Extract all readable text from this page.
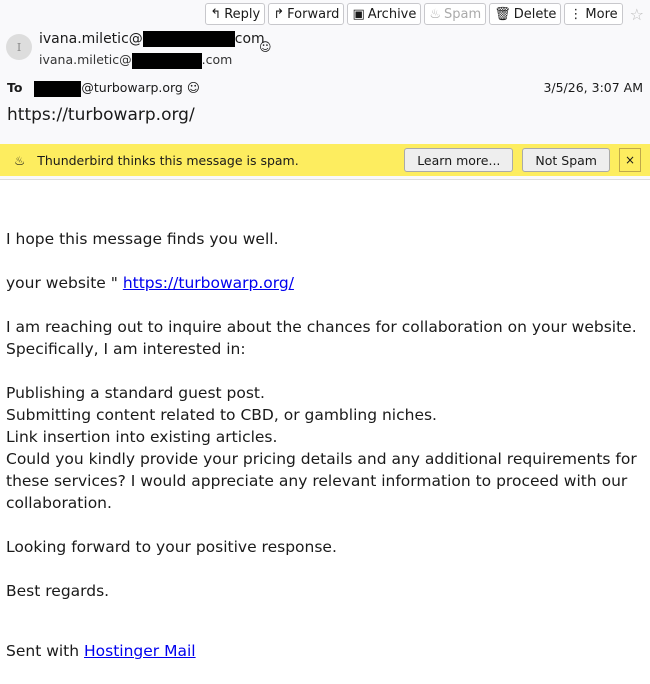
↰ Reply ↱ Forward ▣ Archive ♨ Spam 🗑 Delete ⋮ More ☆
I	ivana.miletic@	com
☺
ivana.miletic@	.com
To	@turbowarp.org ☺	3/5/26, 3:07 AM
https://turbowarp.org/
♨ Thunderbird thinks this message is spam.	Learn more...	Not Spam	×

I hope this message finds you well.

your website " https://turbowarp.org/

I am reaching out to inquire about the chances for collaboration on your website. Specifically, I am interested in:

Publishing a standard guest post.
Submitting content related to CBD, or gambling niches.
Link insertion into existing articles.
Could you kindly provide your pricing details and any additional requirements for these services? I would appreciate any relevant information to proceed with our collaboration.

Looking forward to your positive response.

Best regards.

Sent with Hostinger Mail
